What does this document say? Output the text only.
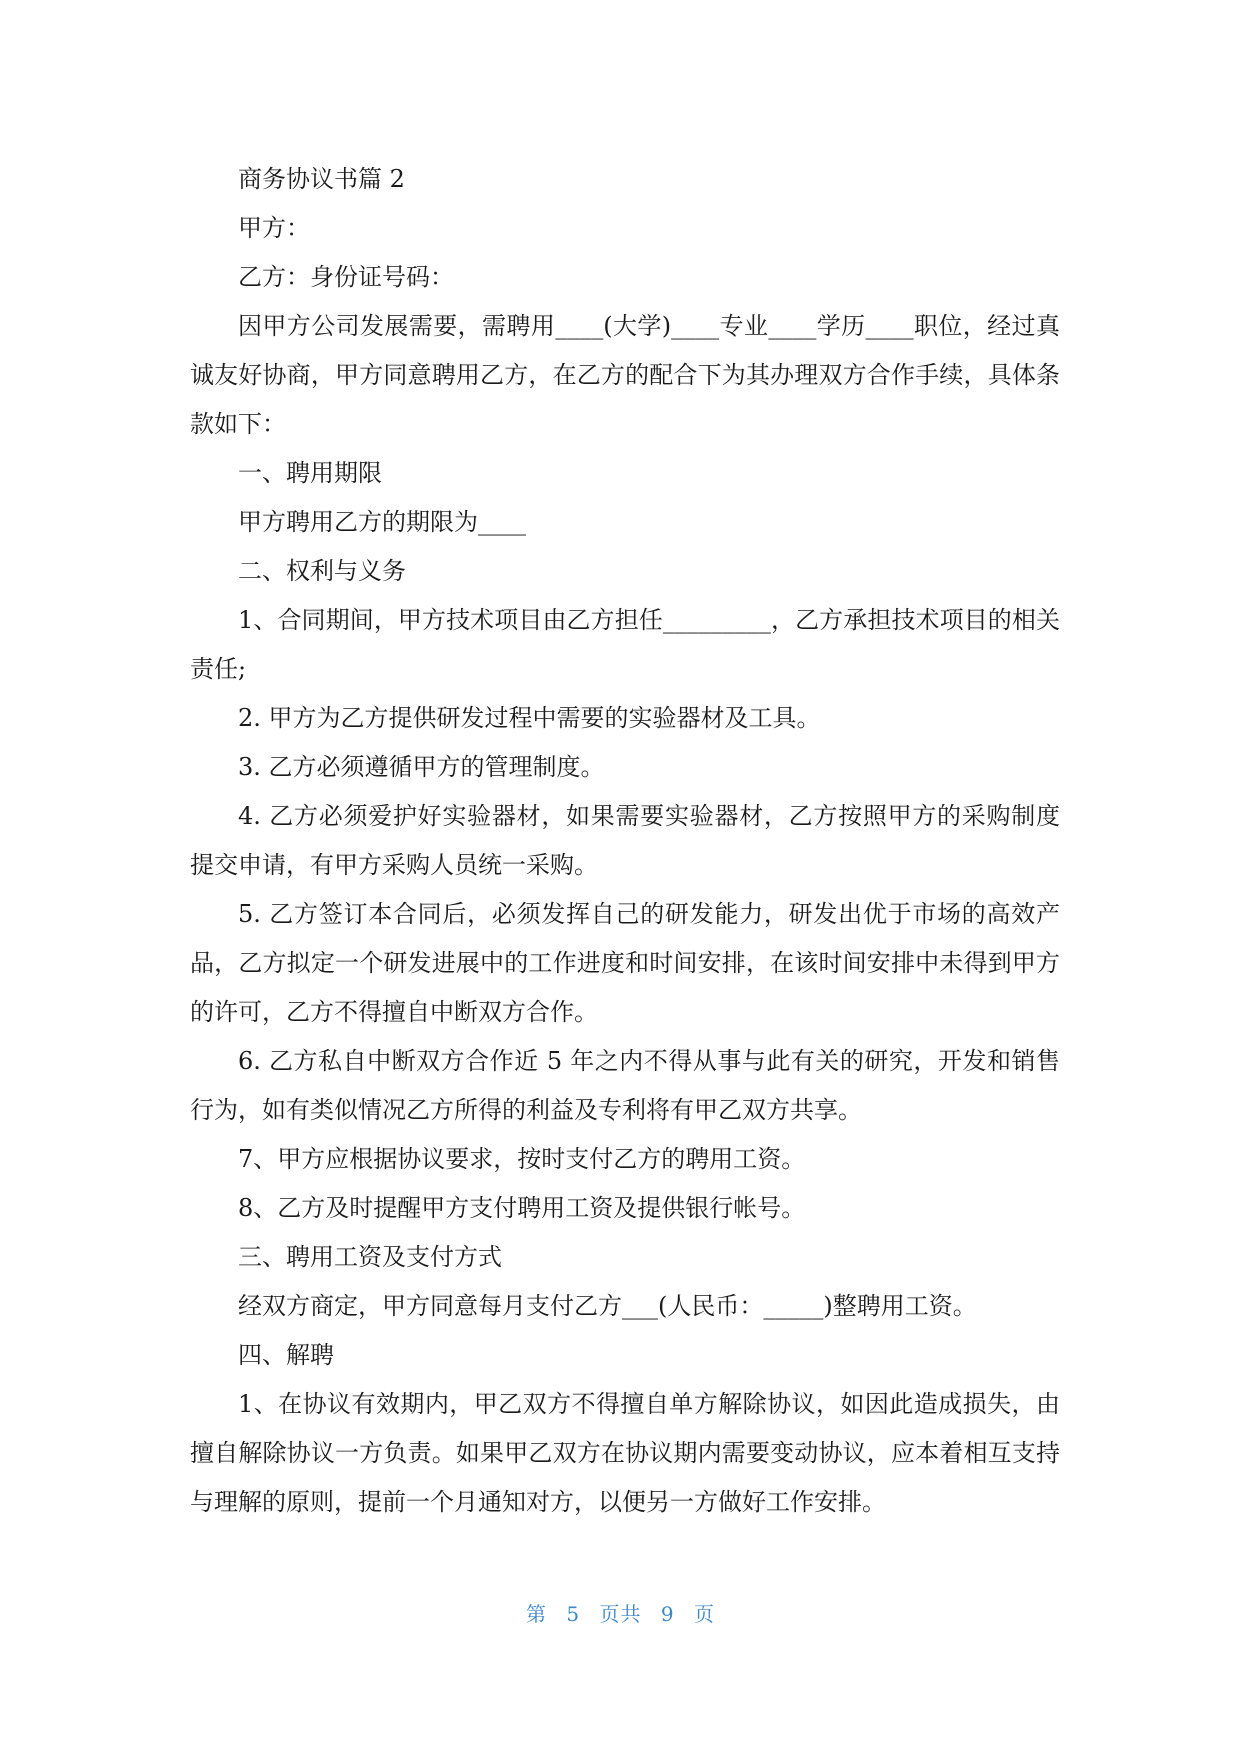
商务协议书篇 2

甲方：

乙方：身份证号码：

因甲方公司发展需要，需聘用____(大学)____专业____学历____职位，经过真诚友好协商，甲方同意聘用乙方，在乙方的配合下为其办理双方合作手续，具体条款如下：

一、聘用期限

甲方聘用乙方的期限为____

二、权利与义务

1、合同期间，甲方技术项目由乙方担任_________，乙方承担技术项目的相关责任;

2. 甲方为乙方提供研发过程中需要的实验器材及工具。

3. 乙方必须遵循甲方的管理制度。

4. 乙方必须爱护好实验器材，如果需要实验器材，乙方按照甲方的采购制度提交申请，有甲方采购人员统一采购。

5. 乙方签订本合同后，必须发挥自己的研发能力，研发出优于市场的高效产品，乙方拟定一个研发进展中的工作进度和时间安排，在该时间安排中未得到甲方的许可，乙方不得擅自中断双方合作。

6. 乙方私自中断双方合作近 5 年之内不得从事与此有关的研究，开发和销售行为，如有类似情况乙方所得的利益及专利将有甲乙双方共享。

7、甲方应根据协议要求，按时支付乙方的聘用工资。

8、乙方及时提醒甲方支付聘用工资及提供银行帐号。

三、聘用工资及支付方式

经双方商定，甲方同意每月支付乙方___(人民币：_____)整聘用工资。

四、解聘

1、在协议有效期内，甲乙双方不得擅自单方解除协议，如因此造成损失，由擅自解除协议一方负责。如果甲乙双方在协议期内需要变动协议，应本着相互支持与理解的原则，提前一个月通知对方，以便另一方做好工作安排。

第 5 页共 9 页
